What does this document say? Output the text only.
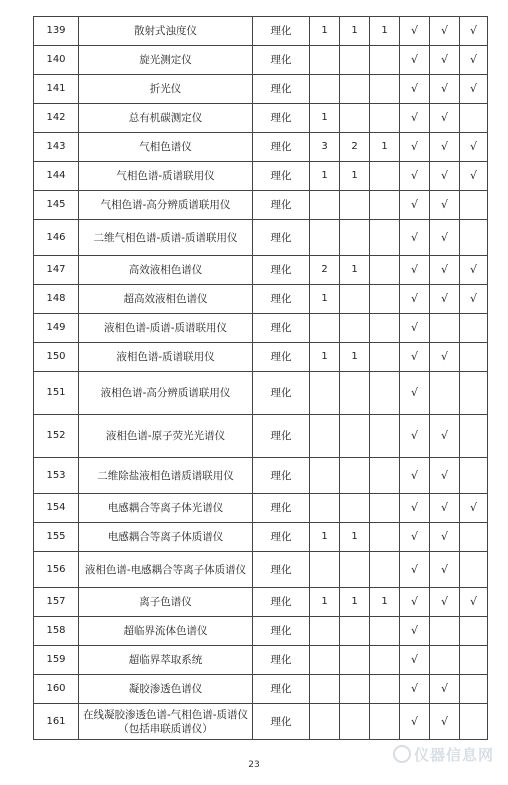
139	散射式浊度仪	理化	1	1	1	√	√	√
140	旋光测定仪	理化				√	√	√
141	折光仪	理化				√	√	√
142	总有机碳测定仪	理化	1			√	√	
143	气相色谱仪	理化	3	2	1	√	√	√
144	气相色谱-质谱联用仪	理化	1	1		√	√	√
145	气相色谱-高分辨质谱联用仪	理化				√	√	
146	二维气相色谱-质谱-质谱联用仪	理化				√	√	
147	高效液相色谱仪	理化	2	1		√	√	√
148	超高效液相色谱仪	理化	1			√	√	√
149	液相色谱-质谱-质谱联用仪	理化				√		
150	液相色谱-质谱联用仪	理化	1	1		√	√	
151	液相色谱-高分辨质谱联用仪	理化				√		
152	液相色谱-原子荧光光谱仪	理化				√	√	
153	二维除盐液相色谱质谱联用仪	理化				√	√	
154	电感耦合等离子体光谱仪	理化				√	√	√
155	电感耦合等离子体质谱仪	理化	1	1		√	√	
156	液相色谱-电感耦合等离子体质谱仪	理化				√	√	
157	离子色谱仪	理化	1	1	1	√	√	√
158	超临界流体色谱仪	理化				√		
159	超临界萃取系统	理化				√		
160	凝胶渗透色谱仪	理化				√	√	
161	在线凝胶渗透色谱-气相色谱-质谱仪（包括串联质谱仪）	理化				√	√	
23
仪器信息网
